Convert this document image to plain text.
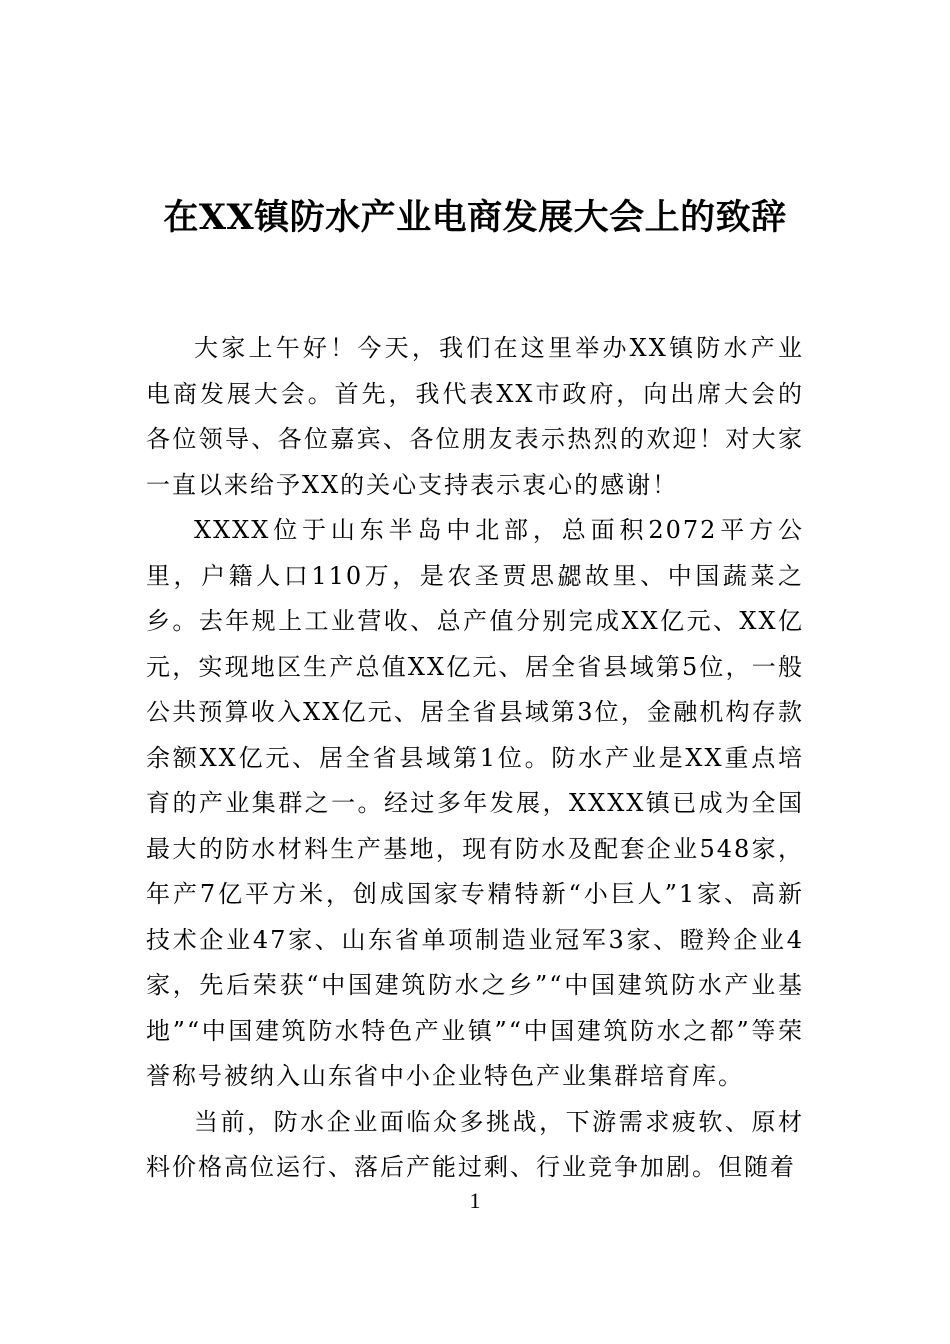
在XX镇防水产业电商发展大会上的致辞

大家上午好！今天，我们在这里举办XX镇防水产业电商发展大会。首先，我代表XX市政府，向出席大会的各位领导、各位嘉宾、各位朋友表示热烈的欢迎！对大家一直以来给予XX的关心支持表示衷心的感谢！

XXXX位于山东半岛中北部，总面积2072平方公里，户籍人口110万，是农圣贾思勰故里、中国蔬菜之乡。去年规上工业营收、总产值分别完成XX亿元、XX亿元，实现地区生产总值XX亿元、居全省县域第5位，一般公共预算收入XX亿元、居全省县域第3位，金融机构存款余额XX亿元、居全省县域第1位。防水产业是XX重点培育的产业集群之一。经过多年发展，XXXX镇已成为全国最大的防水材料生产基地，现有防水及配套企业548家，年产7亿平方米，创成国家专精特新“小巨人”1家、高新技术企业47家、山东省单项制造业冠军3家、瞪羚企业4家，先后荣获“中国建筑防水之乡”“中国建筑防水产业基地”“中国建筑防水特色产业镇”“中国建筑防水之都”等荣誉称号被纳入山东省中小企业特色产业集群培育库。

当前，防水企业面临众多挑战，下游需求疲软、原材料价格高位运行、落后产能过剩、行业竞争加剧。但随着

1
